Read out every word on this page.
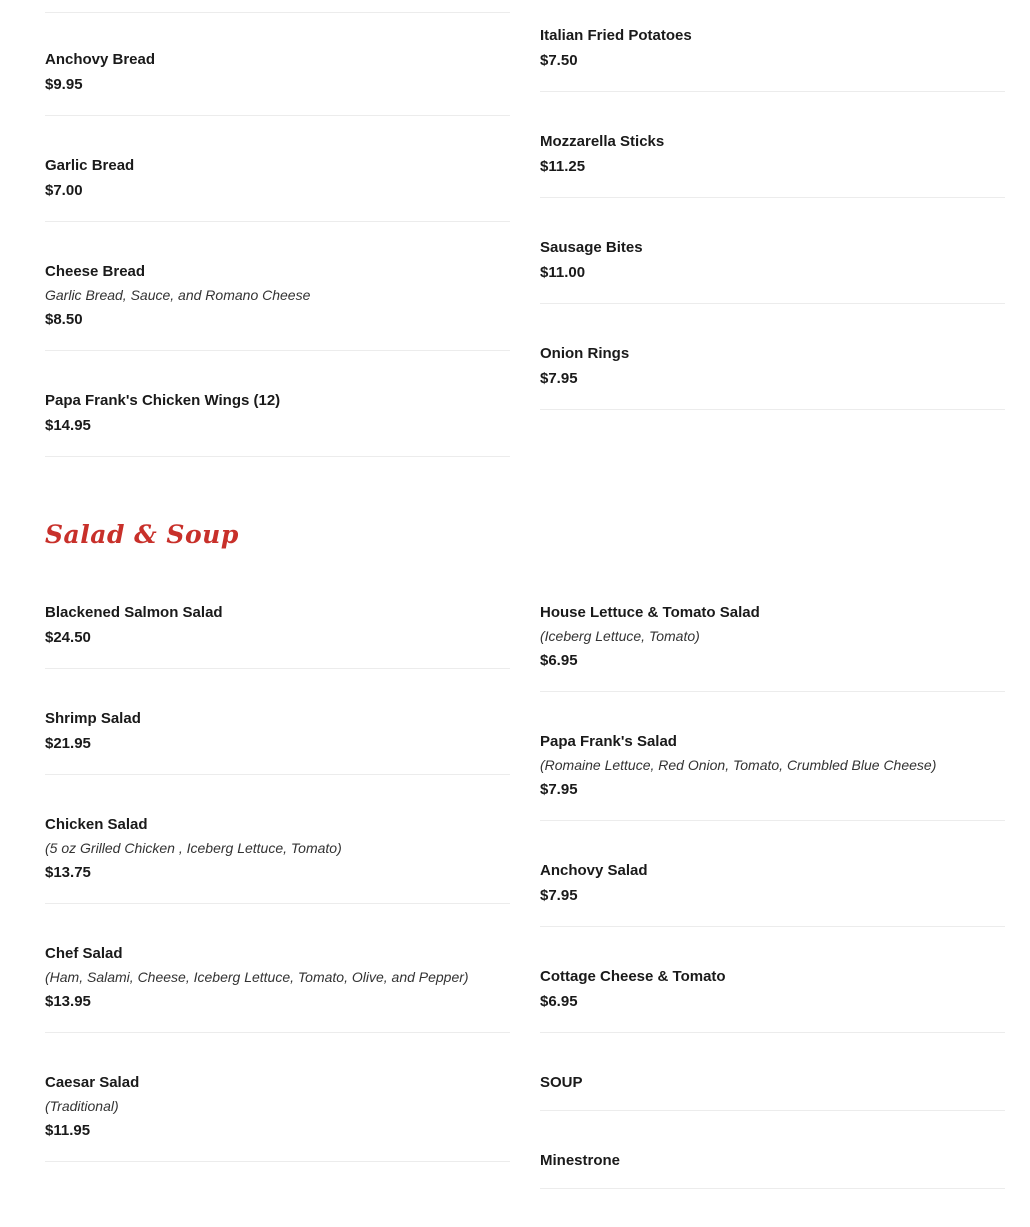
Anchovy Bread
$9.95
Garlic Bread
$7.00
Cheese Bread
Garlic Bread, Sauce, and Romano Cheese
$8.50
Papa Frank's Chicken Wings (12)
$14.95
Italian Fried Potatoes
$7.50
Mozzarella Sticks
$11.25
Sausage Bites
$11.00
Onion Rings
$7.95
Salad & Soup
Blackened Salmon Salad
$24.50
Shrimp Salad
$21.95
Chicken Salad
(5 oz Grilled Chicken , Iceberg Lettuce, Tomato)
$13.75
Chef Salad
(Ham, Salami, Cheese, Iceberg Lettuce, Tomato, Olive, and Pepper)
$13.95
Caesar Salad
(Traditional)
$11.95
House Lettuce & Tomato Salad
(Iceberg Lettuce, Tomato)
$6.95
Papa Frank's Salad
(Romaine Lettuce, Red Onion, Tomato, Crumbled Blue Cheese)
$7.95
Anchovy Salad
$7.95
Cottage Cheese & Tomato
$6.95
SOUP
Minestrone
